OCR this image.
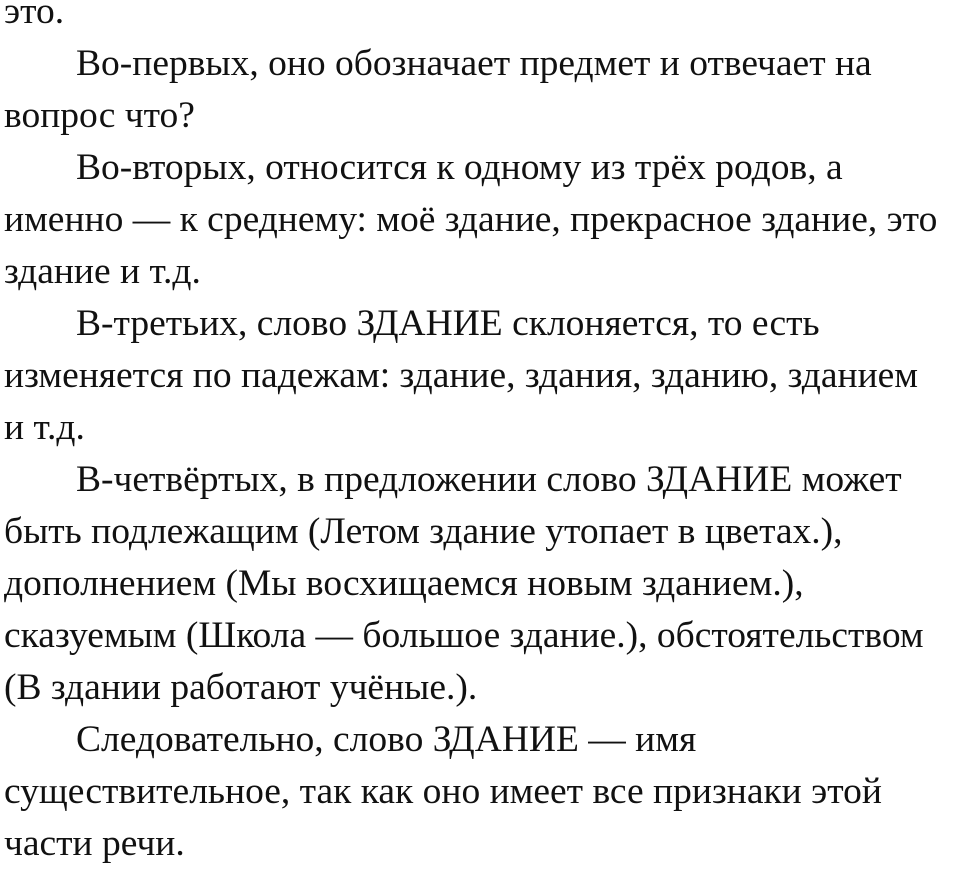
это.

Во-первых, оно обозначает предмет и отвечает на
вопрос что?

Во-вторых, относится к одному из трёх родов, а
именно — к среднему: моё здание, прекрасное здание, это
здание и т.д.

В-третьих, слово ЗДАНИЕ склоняется, то есть
изменяется по падежам: здание, здания, зданию, зданием
и т.д.

В-четвёртых, в предложении слово ЗДАНИЕ может
быть подлежащим (Летом здание утопает в цветах.),
дополнением (Мы восхищаемся новым зданием.),
сказуемым (Школа — большое здание.), обстоятельством
(В здании работают учёные.).

Следовательно, слово ЗДАНИЕ — имя
существительное, так как оно имеет все признаки этой
части речи.
